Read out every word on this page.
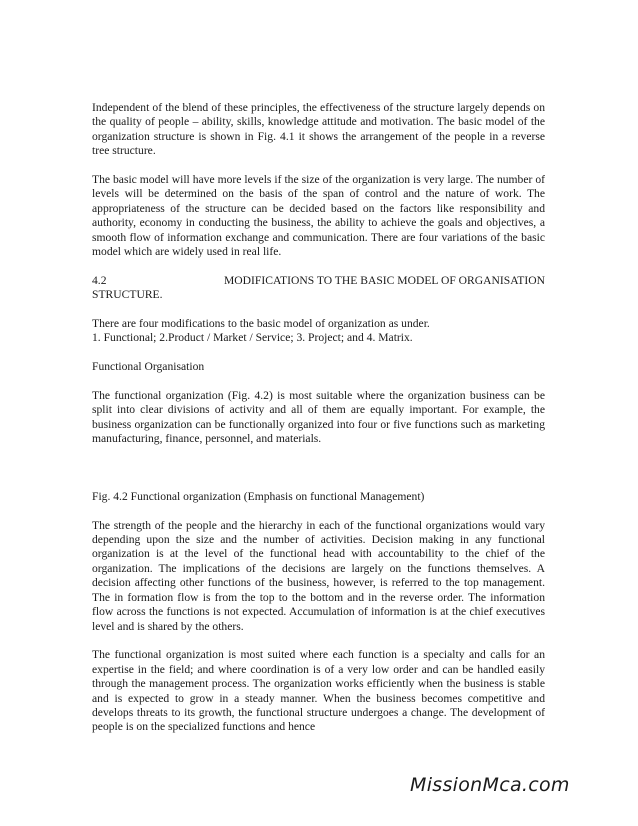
Independent of the blend of these principles, the effectiveness of the structure largely depends on the quality of people – ability, skills, knowledge attitude and motivation. The basic model of the organization structure is shown in Fig. 4.1 it shows the arrangement of the people in a reverse tree structure.

The basic model will have more levels if the size of the organization is very large. The number of levels will be determined on the basis of the span of control and the nature of work. The appropriateness of the structure can be decided based on the factors like responsibility and authority, economy in conducting the business, the ability to achieve the goals and objectives, a smooth flow of information exchange and communication. There are four variations of the basic model which are widely used in real life.

4.2	MODIFICATIONS TO THE BASIC MODEL OF ORGANISATION
STRUCTURE.

There are four modifications to the basic model of organization as under.

1. Functional; 2.Product / Market / Service; 3. Project; and 4. Matrix.

Functional Organisation

The functional organization (Fig. 4.2) is most suitable where the organization business can be split into clear divisions of activity and all of them are equally important. For example, the business organization can be functionally organized into four or five functions such as marketing manufacturing, finance, personnel, and materials.

Fig. 4.2 Functional organization (Emphasis on functional Management)

The strength of the people and the hierarchy in each of the functional organizations would vary depending upon the size and the number of activities. Decision making in any functional organization is at the level of the functional head with accountability to the chief of the organization. The implications of the decisions are largely on the functions themselves. A decision affecting other functions of the business, however, is referred to the top management. The in formation flow is from the top to the bottom and in the reverse order. The information flow across the functions is not expected. Accumulation of information is at the chief executives level and is shared by the others.

The functional organization is most suited where each function is a specialty and calls for an expertise in the field; and where coordination is of a very low order and can be handled easily through the management process. The organization works efficiently when the business is stable and is expected to grow in a steady manner. When the business becomes competitive and develops threats to its growth, the functional structure undergoes a change. The development of people is on the specialized functions and hence

MissionMca.com
